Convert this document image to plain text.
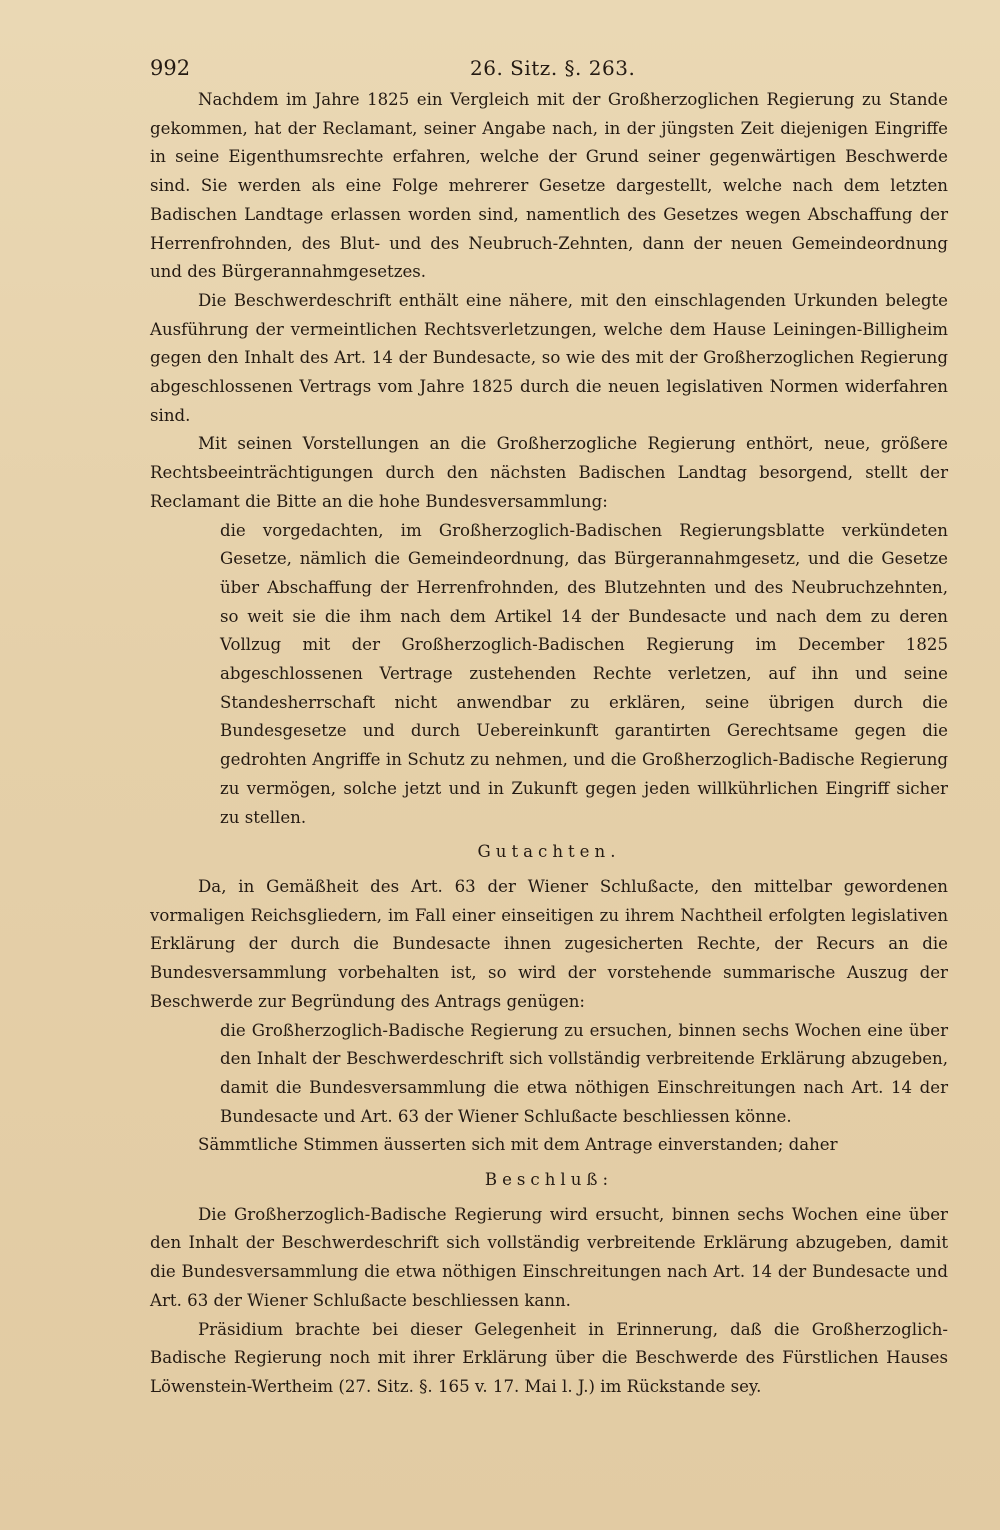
992	26. Sitz. §. 263.

Nachdem im Jahre 1825 ein Vergleich mit der Großherzoglichen Regierung zu Stande gekommen, hat der Reclamant, seiner Angabe nach, in der jüngsten Zeit diejenigen Eingriffe in seine Eigenthumsrechte erfahren, welche der Grund seiner gegenwärtigen Beschwerde sind. Sie werden als eine Folge mehrerer Gesetze dargestellt, welche nach dem letzten Badischen Landtage erlassen worden sind, namentlich des Gesetzes wegen Abschaffung der Herrenfrohnden, des Blut- und des Neubruch-Zehnten, dann der neuen Gemeindeordnung und des Bürgerannahmgesetzes.

Die Beschwerdeschrift enthält eine nähere, mit den einschlagenden Urkunden belegte Ausführung der vermeintlichen Rechtsverletzungen, welche dem Hause Leiningen-Billigheim gegen den Inhalt des Art. 14 der Bundesacte, so wie des mit der Großherzoglichen Regierung abgeschlossenen Vertrags vom Jahre 1825 durch die neuen legislativen Normen widerfahren sind.

Mit seinen Vorstellungen an die Großherzogliche Regierung enthört, neue, größere Rechtsbeeinträchtigungen durch den nächsten Badischen Landtag besorgend, stellt der Reclamant die Bitte an die hohe Bundesversammlung:

die vorgedachten, im Großherzoglich-Badischen Regierungsblatte verkündeten Gesetze, nämlich die Gemeindeordnung, das Bürgerannahmgesetz, und die Gesetze über Abschaffung der Herrenfrohnden, des Blutzehnten und des Neubruchzehnten, so weit sie die ihm nach dem Artikel 14 der Bundesacte und nach dem zu deren Vollzug mit der Großherzoglich-Badischen Regierung im December 1825 abgeschlossenen Vertrage zustehenden Rechte verletzen, auf ihn und seine Standesherrschaft nicht anwendbar zu erklären, seine übrigen durch die Bundesgesetze und durch Uebereinkunft garantirten Gerechtsame gegen die gedrohten Angriffe in Schutz zu nehmen, und die Großherzoglich-Badische Regierung zu vermögen, solche jetzt und in Zukunft gegen jeden willkührlichen Eingriff sicher zu stellen.

Gutachten.

Da, in Gemäßheit des Art. 63 der Wiener Schlußacte, den mittelbar gewordenen vormaligen Reichsgliedern, im Fall einer einseitigen zu ihrem Nachtheil erfolgten legislativen Erklärung der durch die Bundesacte ihnen zugesicherten Rechte, der Recurs an die Bundesversammlung vorbehalten ist, so wird der vorstehende summarische Auszug der Beschwerde zur Begründung des Antrags genügen:

die Großherzoglich-Badische Regierung zu ersuchen, binnen sechs Wochen eine über den Inhalt der Beschwerdeschrift sich vollständig verbreitende Erklärung abzugeben, damit die Bundesversammlung die etwa nöthigen Einschreitungen nach Art. 14 der Bundesacte und Art. 63 der Wiener Schlußacte beschliessen könne.

Sämmtliche Stimmen äusserten sich mit dem Antrage einverstanden; daher

Beschluß:

Die Großherzoglich-Badische Regierung wird ersucht, binnen sechs Wochen eine über den Inhalt der Beschwerdeschrift sich vollständig verbreitende Erklärung abzugeben, damit die Bundesversammlung die etwa nöthigen Einschreitungen nach Art. 14 der Bundesacte und Art. 63 der Wiener Schlußacte beschliessen kann.

Präsidium brachte bei dieser Gelegenheit in Erinnerung, daß die Großherzoglich-Badische Regierung noch mit ihrer Erklärung über die Beschwerde des Fürstlichen Hauses Löwenstein-Wertheim (27. Sitz. §. 165 v. 17. Mai l. J.) im Rückstande sey.
